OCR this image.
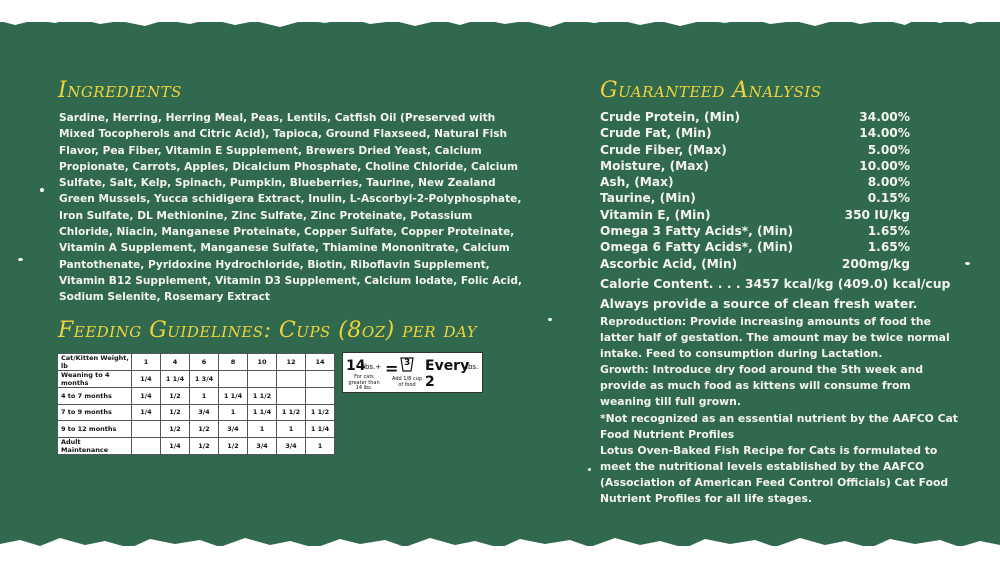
Ingredients

Sardine, Herring, Herring Meal, Peas, Lentils, Catfish Oil (Preserved with Mixed Tocopherols and Citric Acid), Tapioca, Ground Flaxseed, Natural Fish Flavor, Pea Fiber, Vitamin E Supplement, Brewers Dried Yeast, Calcium Propionate, Carrots, Apples, Dicalcium Phosphate, Choline Chloride, Calcium Sulfate, Salt, Kelp, Spinach, Pumpkin, Blueberries, Taurine, New Zealand Green Mussels, Yucca schidigera Extract, Inulin, L-Ascorbyl-2-Polyphosphate, Iron Sulfate, DL Methionine, Zinc Sulfate, Zinc Proteinate, Potassium Chloride, Niacin, Manganese Proteinate, Copper Sulfate, Copper Proteinate, Vitamin A Supplement, Manganese Sulfate, Thiamine Mononitrate, Calcium Pantothenate, Pyridoxine Hydrochloride, Biotin, Riboflavin Supplement, Vitamin B12 Supplement, Vitamin D3 Supplement, Calcium Iodate, Folic Acid, Sodium Selenite, Rosemary Extract

Feeding Guidelines: Cups (8oz) per day
Cat/Kitten Weight, lb	1	4	6	8	10	12	14
Weaning to 4 months	1/4	1 1/4	1 3/4				
4 to 7 months	1/4	1/2	1	1 1/4	1 1/2		
7 to 9 months	1/4	1/2	3/4	1	1 1/4	1 1/2	1 1/2
9 to 12 months		1/2	1/2	3/4	1	1	1 1/4
Adult Maintenance		1/4	1/2	1/2	3/4	3/4	1
14
lbs.+
For cats greater than 14 lbs.
= 3
Add 1/8 cup of food
Every 2
lbs.
Guaranteed Analysis
Crude Protein, (Min)	34.00%
Crude Fat, (Min)	14.00%
Crude Fiber, (Max)	5.00%
Moisture, (Max)	10.00%
Ash, (Max)	8.00%
Taurine, (Min)	0.15%
Vitamin E, (Min)	350 IU/kg
Omega 3 Fatty Acids*, (Min)	1.65%
Omega 6 Fatty Acids*, (Min)	1.65%
Ascorbic Acid, (Min)	200mg/kg
Calorie Content. . . . 3457 kcal/kg (409.0) kcal/cup
Always provide a source of clean fresh water.

Reproduction: Provide increasing amounts of food the latter half of gestation. The amount may be twice normal intake. Feed to consumption during Lactation.

Growth: Introduce dry food around the 5th week and provide as much food as kittens will consume from weaning till full grown.

*Not recognized as an essential nutrient by the AAFCO Cat Food Nutrient Profiles

Lotus Oven-Baked Fish Recipe for Cats is formulated to meet the nutritional levels established by the AAFCO (Association of American Feed Control Officials) Cat Food Nutrient Profiles for all life stages.
